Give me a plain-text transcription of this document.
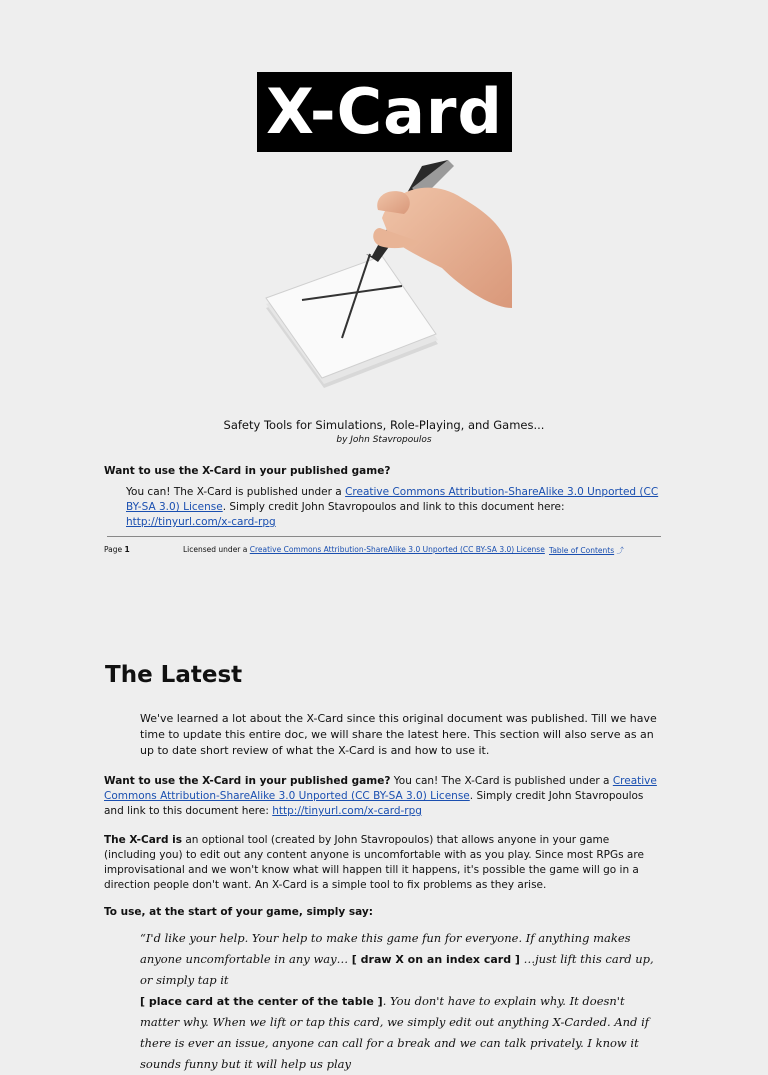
X-Card
Safety Tools for Simulations, Role-Playing, and Games...
by John Stavropoulos
Want to use the X-Card in your published game?
You can! The X-Card is published under a Creative Commons Attribution-ShareAlike 3.0 Unported (CC BY-SA 3.0) License. Simply credit John Stavropoulos and link to this document here: http://tinyurl.com/x-card-rpg
Page 1	Licensed under a Creative Commons Attribution-ShareAlike 3.0 Unported (CC BY-SA 3.0) License Table of Contents ⤴
The Latest
We've learned a lot about the X-Card since this original document was published. Till we have time to update this entire doc, we will share the latest here. This section will also serve as an up to date short review of what the X-Card is and how to use it.
Want to use the X-Card in your published game? You can! The X-Card is published under a Creative Commons Attribution-ShareAlike 3.0 Unported (CC BY-SA 3.0) License. Simply credit John Stavropoulos and link to this document here: http://tinyurl.com/x-card-rpg
The X-Card is an optional tool (created by John Stavropoulos) that allows anyone in your game (including you) to edit out any content anyone is uncomfortable with as you play. Since most RPGs are improvisational and we won't know what will happen till it happens, it's possible the game will go in a direction people don't want. An X-Card is a simple tool to fix problems as they arise.
To use, at the start of your game, simply say:
“I'd like your help. Your help to make this game fun for everyone. If anything makes anyone uncomfortable in any way… [ draw X on an index card ] …just lift this card up, or simply tap it
[ place card at the center of the table ]. You don't have to explain why. It doesn't matter why. When we lift or tap this card, we simply edit out anything X-Carded. And if there is ever an issue, anyone can call for a break and we can talk privately. I know it sounds funny but it will help us play
